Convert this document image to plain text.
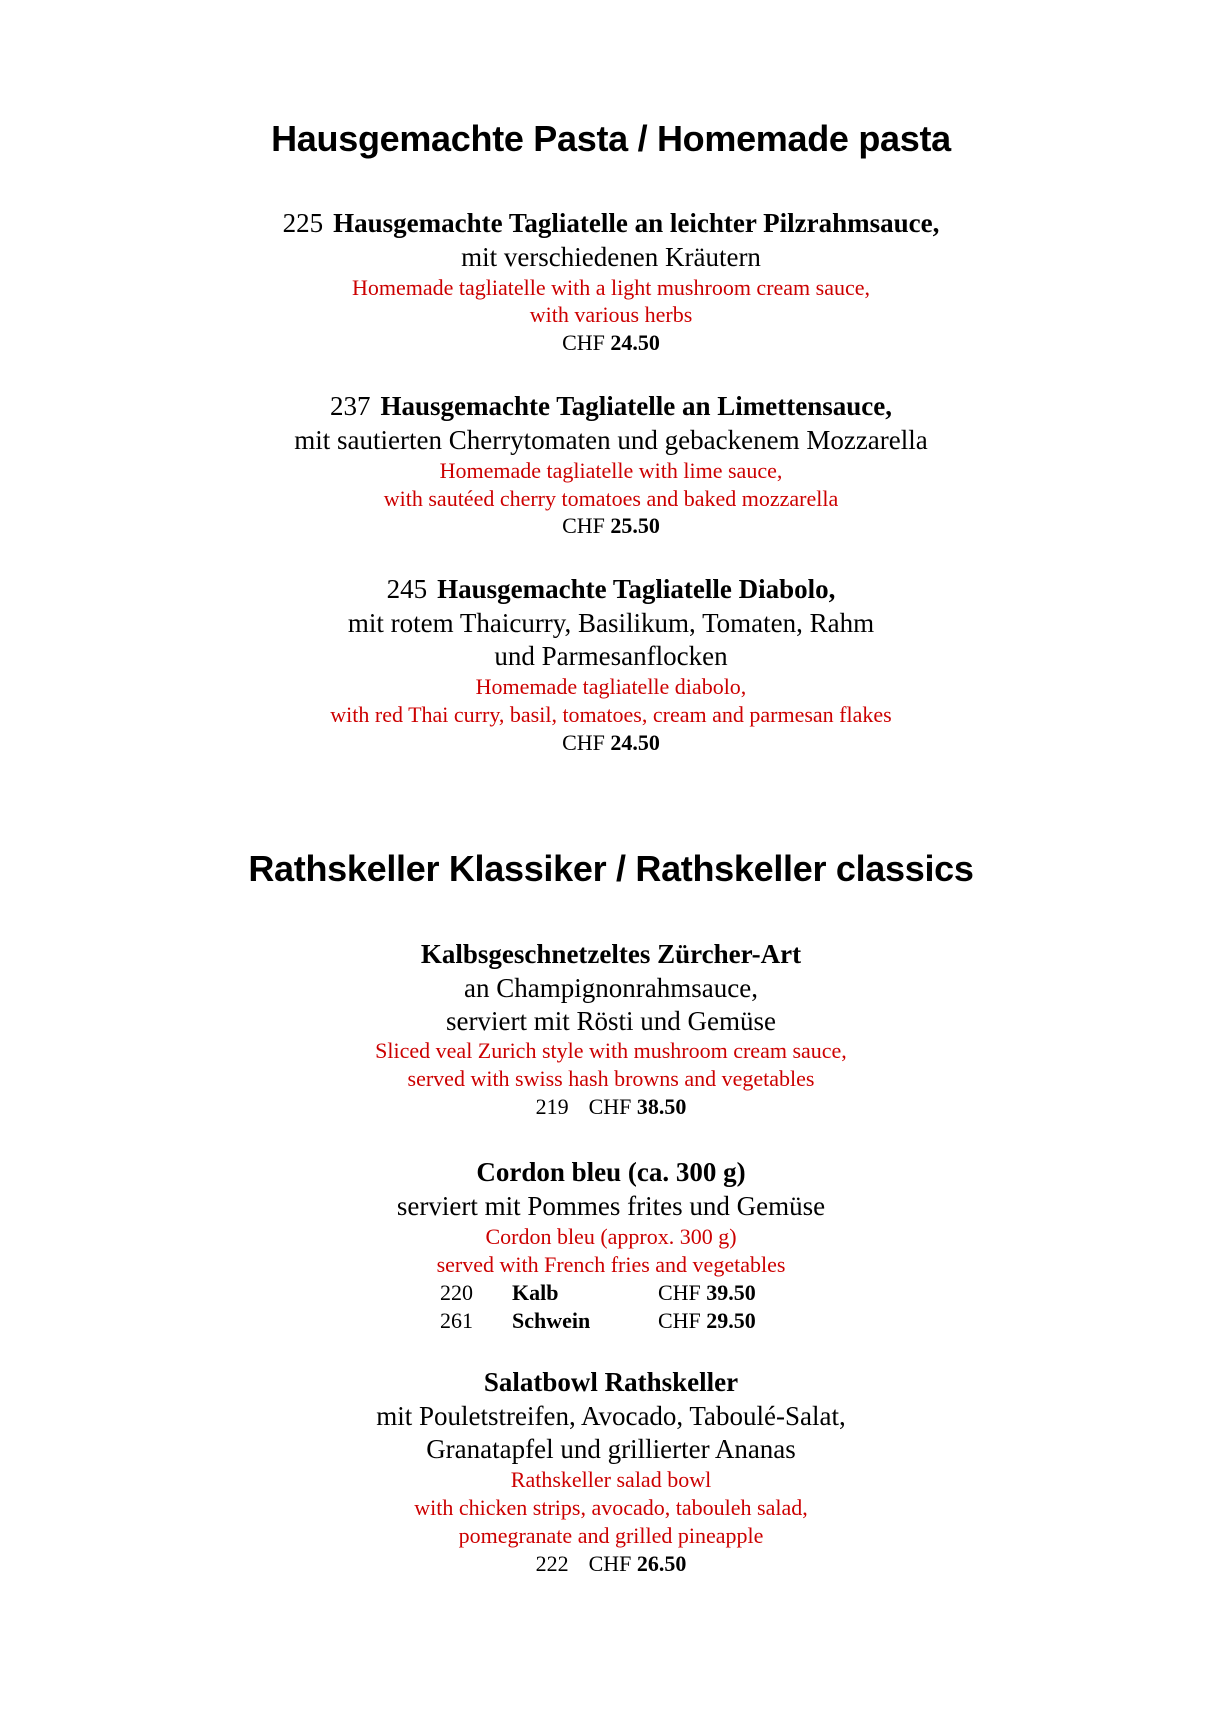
Hausgemachte Pasta / Homemade pasta
225 Hausgemachte Tagliatelle an leichter Pilzrahmsauce,
mit verschiedenen Kräutern
Homemade tagliatelle with a light mushroom cream sauce,
with various herbs
CHF 24.50
237 Hausgemachte Tagliatelle an Limettensauce,
mit sautierten Cherrytomaten und gebackenem Mozzarella
Homemade tagliatelle with lime sauce,
with sautéed cherry tomatoes and baked mozzarella
CHF 25.50
245 Hausgemachte Tagliatelle Diabolo,
mit rotem Thaicurry, Basilikum, Tomaten, Rahm
und Parmesanflocken
Homemade tagliatelle diabolo,
with red Thai curry, basil, tomatoes, cream and parmesan flakes
CHF 24.50
Rathskeller Klassiker / Rathskeller classics
Kalbsgeschnetzeltes Zürcher-Art
an Champignonrahmsauce,
serviert mit Rösti und Gemüse
Sliced veal Zurich style with mushroom cream sauce,
served with swiss hash browns and vegetables
219 CHF 38.50
Cordon bleu (ca. 300 g)
serviert mit Pommes frites und Gemüse
Cordon bleu (approx. 300 g)
served with French fries and vegetables
220 Kalb	CHF 39.50
261 Schwein	CHF 29.50
Salatbowl Rathskeller
mit Pouletstreifen, Avocado, Taboulé-Salat,
Granatapfel und grillierter Ananas
Rathskeller salad bowl
with chicken strips, avocado, tabouleh salad,
pomegranate and grilled pineapple
222 CHF 26.50
